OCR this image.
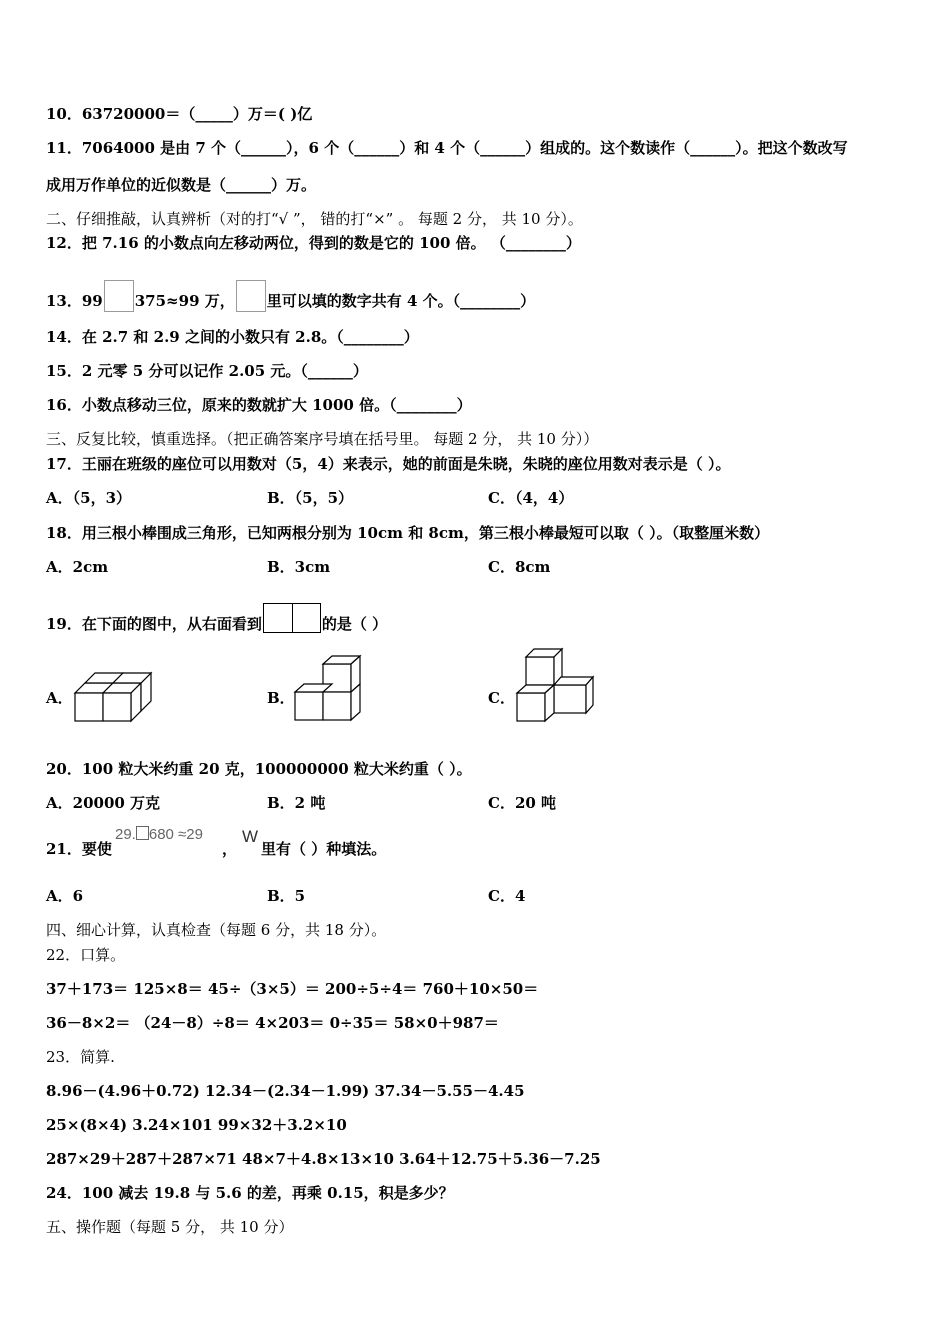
10．63720000＝（_____）万＝( )亿
11．7064000 是由 7 个（______），6 个（______）和 4 个（______）组成的。这个数读作（______）。把这个数改写
成用万作单位的近似数是（______）万。
二、仔细推敲，认真辨析（对的打“√ ”， 错的打“×” 。 每题 2 分， 共 10 分）。
12．把 7.16 的小数点向左移动两位，得到的数是它的 100 倍。 （________）
13．99 375≈99 万， 里可以填的数字共有 4 个。（________）
14．在 2.7 和 2.9 之间的小数只有 2.8。（________）
15．2 元零 5 分可以记作 2.05 元。（______）
16．小数点移动三位，原来的数就扩大 1000 倍。（________）
三、反复比较，慎重选择。（把正确答案序号填在括号里。 每题 2 分， 共 10 分））
17．王丽在班级的座位可以用数对（5，4）来表示，她的前面是朱晓，朱晓的座位用数对表示是（ ）。
A．（5，3）	B．（5，5）	C．（4，4）
18．用三根小棒围成三角形，已知两根分别为 10cm 和 8cm，第三根小棒最短可以取（ ）。（取整厘米数）
A．2cm	B．3cm	C．8cm
19．在下面的图中，从右面看到	的是（ ）
A．	B．	C．
20．100 粒大米约重 20 克，100000000 粒大米约重（ ）。
A．20000 万克	B．2 吨	C．20 吨
21．要使
29. 680 ≈29
，
W
里有（ ）种填法。
A．6	B．5	C．4
四、细心计算，认真检查（每题 6 分，共 18 分）。
22．口算。
37＋173＝ 125×8＝ 45÷（3×5）＝ 200÷5÷4＝ 760＋10×50＝
36－8×2＝ （24－8）÷8＝ 4×203＝ 0÷35＝ 58×0＋987＝
23．简算.
8.96－(4.96＋0.72) 12.34－(2.34－1.99) 37.34－5.55－4.45
25×(8×4) 3.24×101 99×32＋3.2×10
287×29＋287＋287×71 48×7＋4.8×13×10 3.64＋12.75＋5.36－7.25
24．100 减去 19.8 与 5.6 的差，再乘 0.15，积是多少？
五、操作题（每题 5 分， 共 10 分）
